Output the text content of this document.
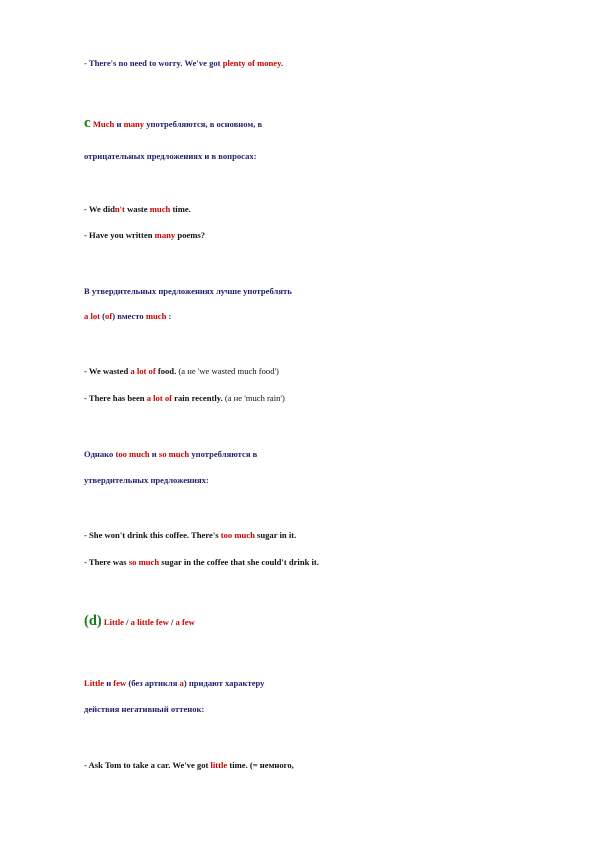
- There's no need to worry. We've got plenty of money.
c Much и many употребляются, в основном, в
отрицательных предложениях и в вопросах:
- We didn't waste much time.
- Have you written many poems?
В утвердительных предложениях лучше употреблять
a lot (of) вместо much :
- We wasted a lot of food. (а не 'we wasted much food')
- There has been a lot of rain recently. (а не 'much rain')
Однако too much и so much употребляются в
утвердительных предложениях:
- She won't drink this coffee. There's too much sugar in it.
- There was so much sugar in the coffee that she could't drink it.
(d) Little / a little few / a few
Little и few (без артикля a) придают характеру
действия негативный оттенок:
- Ask Tom to take a car. We've got little time. (= немного,
